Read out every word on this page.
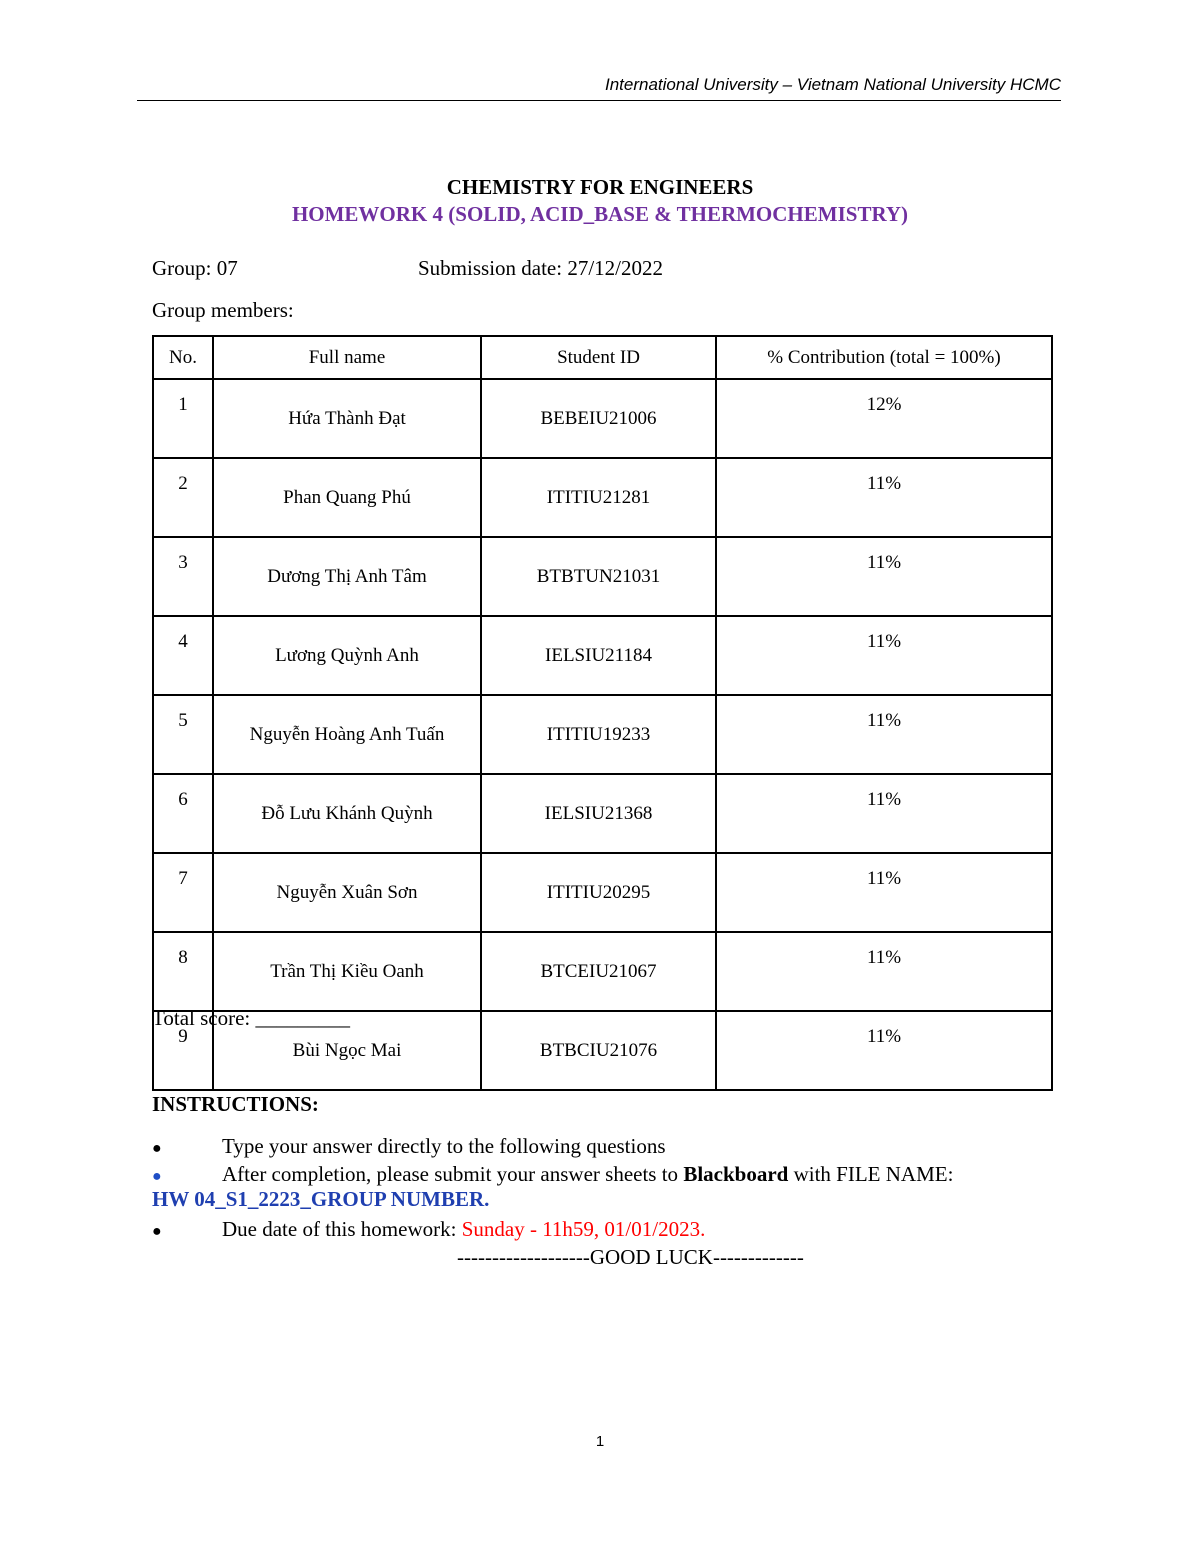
International University – Vietnam National University HCMC
CHEMISTRY FOR ENGINEERS
HOMEWORK 4 (SOLID, ACID_BASE & THERMOCHEMISTRY)
Group: 07	Submission date: 27/12/2022
Group members:
No.	Full name	Student ID	% Contribution (total = 100%)
1	Hứa Thành Đạt	BEBEIU21006	12%
2	Phan Quang Phú	ITITIU21281	11%
3	Dương Thị Anh Tâm	BTBTUN21031	11%
4	Lương Quỳnh Anh	IELSIU21184	11%
5	Nguyễn Hoàng Anh Tuấn	ITITIU19233	11%
6	Đỗ Lưu Khánh Quỳnh	IELSIU21368	11%
7	Nguyễn Xuân Sơn	ITITIU20295	11%
8	Trần Thị Kiều Oanh	BTCEIU21067	11%
9	Bùi Ngọc Mai	BTBCIU21076	11%
Total score: _________
INSTRUCTIONS:
●	Type your answer directly to the following questions
●	After completion, please submit your answer sheets to Blackboard with FILE NAME:
HW 04_S1_2223_GROUP NUMBER.
●	Due date of this homework: Sunday - 11h59, 01/01/2023.
-------------------GOOD LUCK-------------
1
